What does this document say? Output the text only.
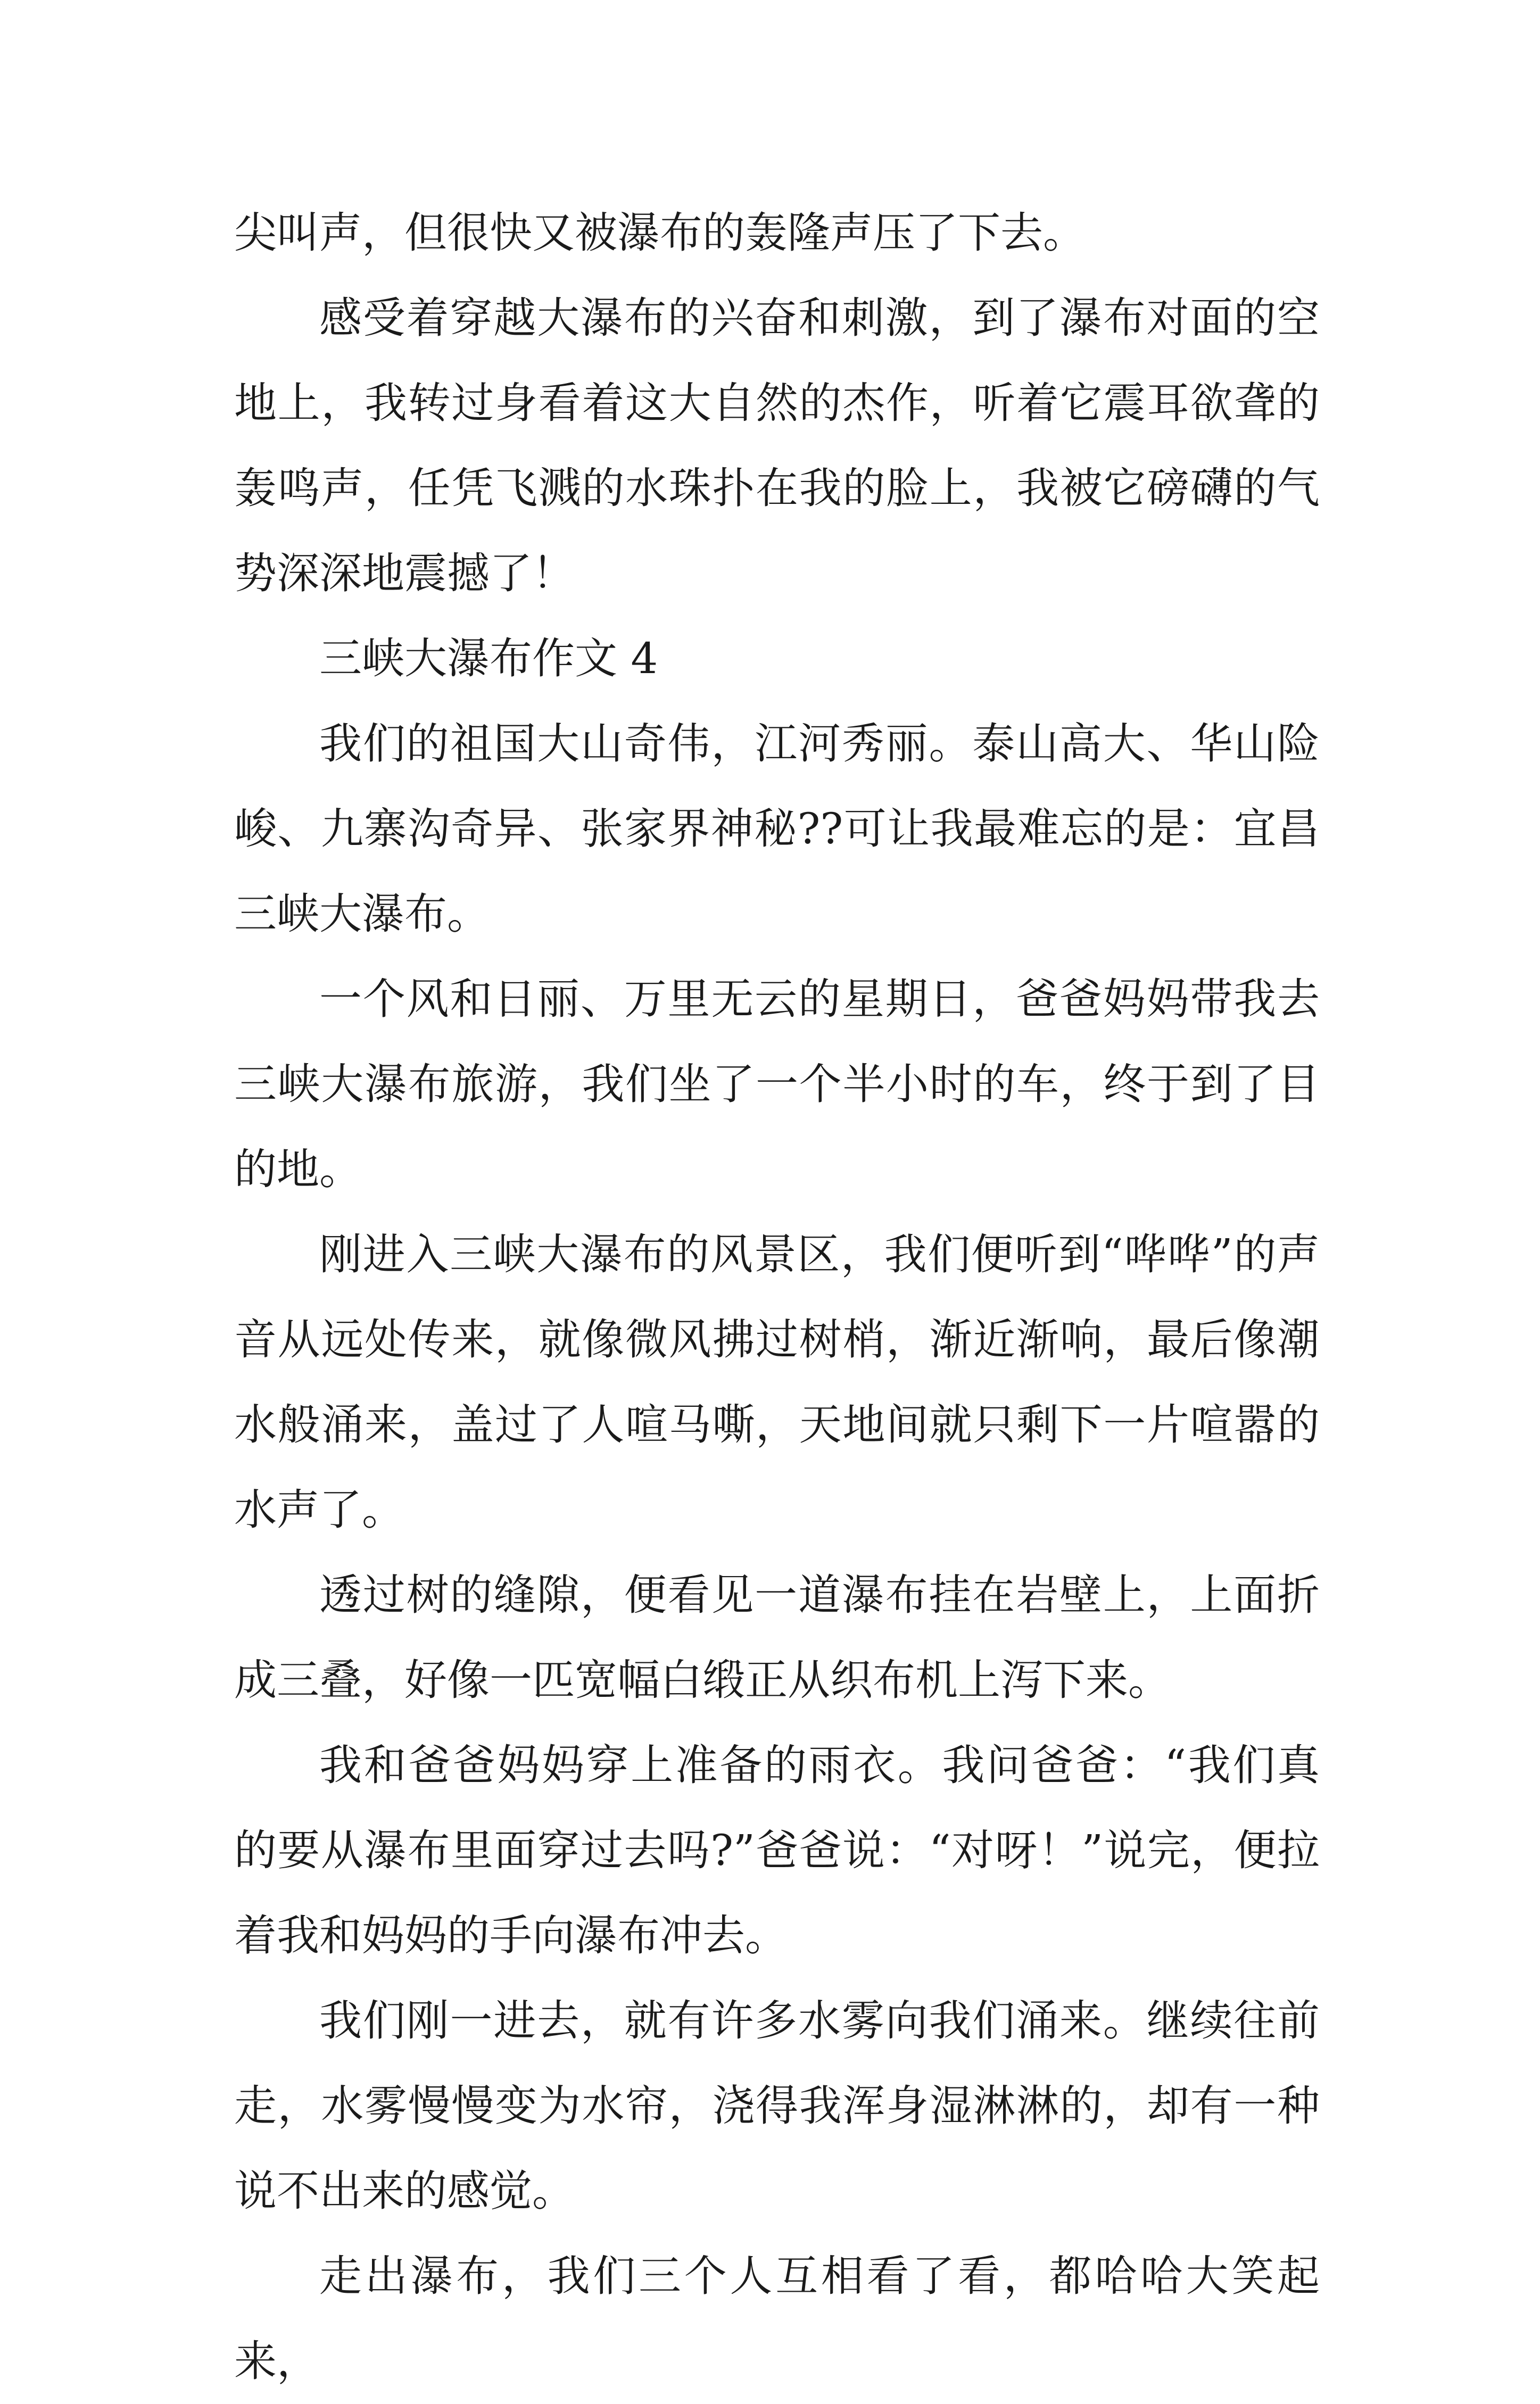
尖叫声，但很快又被瀑布的轰隆声压了下去。

感受着穿越大瀑布的兴奋和刺激，到了瀑布对面的空地上，我转过身看着这大自然的杰作，听着它震耳欲聋的轰鸣声，任凭飞溅的水珠扑在我的脸上，我被它磅礴的气势深深地震撼了！

三峡大瀑布作文 4

我们的祖国大山奇伟，江河秀丽。泰山高大、华山险峻、九寨沟奇异、张家界神秘??可让我最难忘的是：宜昌三峡大瀑布。

一个风和日丽、万里无云的星期日，爸爸妈妈带我去三峡大瀑布旅游，我们坐了一个半小时的车，终于到了目的地。

刚进入三峡大瀑布的风景区，我们便听到“哗哗”的声音从远处传来，就像微风拂过树梢，渐近渐响，最后像潮水般涌来，盖过了人喧马嘶，天地间就只剩下一片喧嚣的水声了。

透过树的缝隙，便看见一道瀑布挂在岩壁上，上面折成三叠，好像一匹宽幅白缎正从织布机上泻下来。

我和爸爸妈妈穿上准备的雨衣。我问爸爸：“我们真的要从瀑布里面穿过去吗?”爸爸说：“对呀！”说完，便拉着我和妈妈的手向瀑布冲去。

我们刚一进去，就有许多水雾向我们涌来。继续往前走，水雾慢慢变为水帘，浇得我浑身湿淋淋的，却有一种说不出来的感觉。

走出瀑布，我们三个人互相看了看，都哈哈大笑起来，
